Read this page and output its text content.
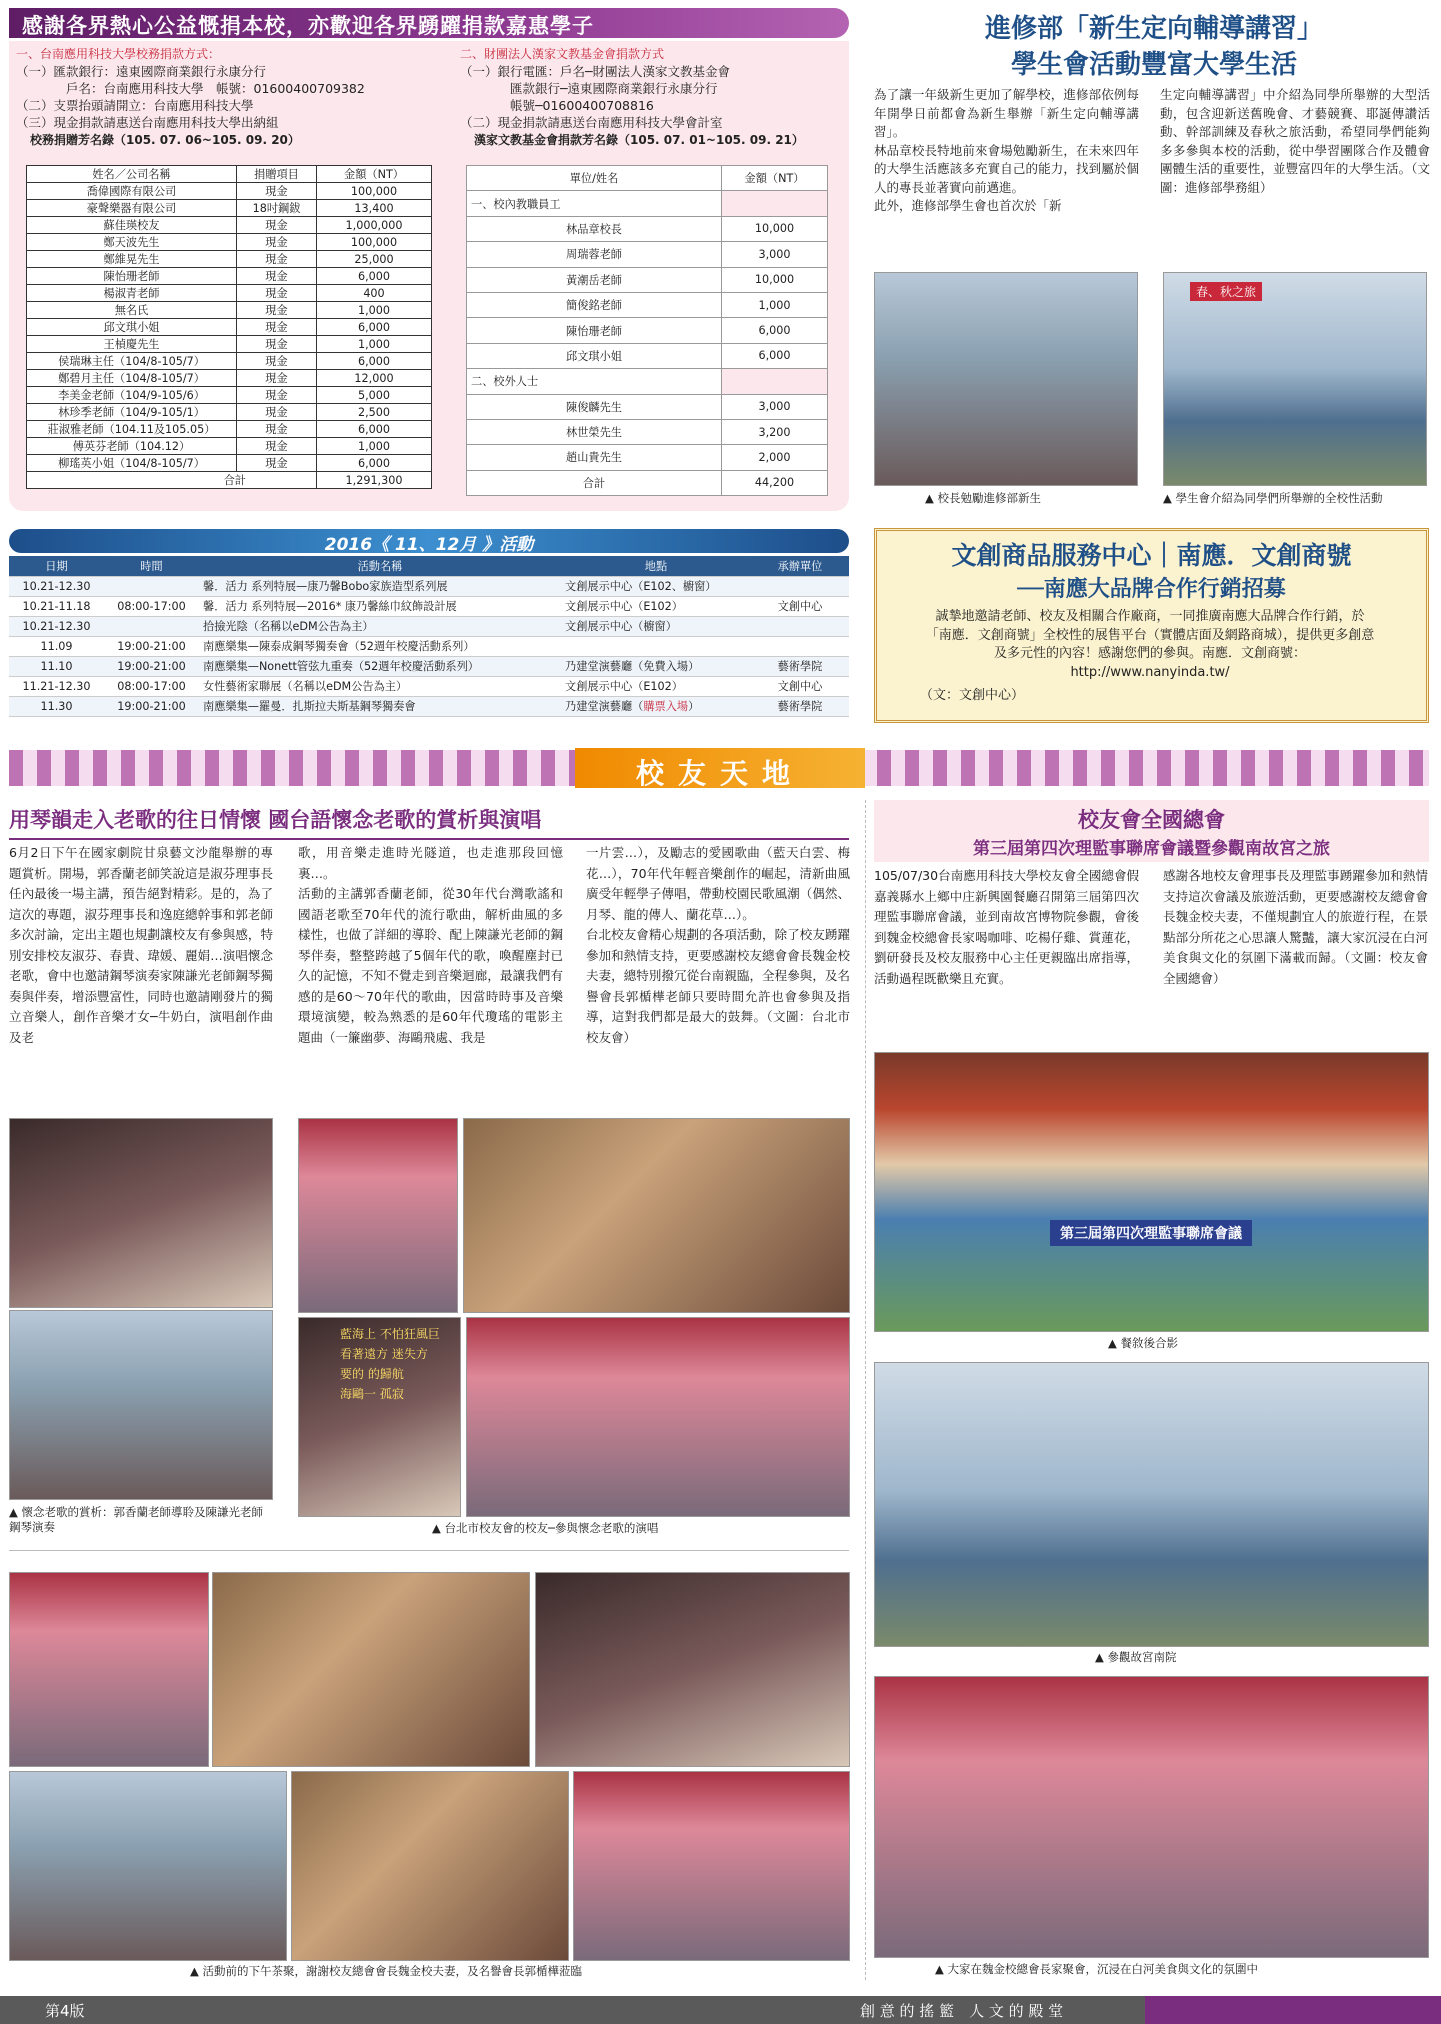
感謝各界熱心公益慨捐本校，亦歡迎各界踴躍捐款嘉惠學子
一、台南應用科技大學校務捐款方式：
（一）匯款銀行：遠東國際商業銀行永康分行
戶名：台南應用科技大學　帳號：01600400709382
（二）支票抬頭請開立：台南應用科技大學
（三）現金捐款請惠送台南應用科技大學出納組
校務捐贈芳名錄（105. 07. 06~105. 09. 20）
姓名／公司名稱	捐贈項目	金額（NT）
喬偉國際有限公司	現金	100,000
豪聲樂器有限公司	18吋鋼鈸	13,400
蘇佳瑛校友	現金	1,000,000
鄭天波先生	現金	100,000
鄭維晃先生	現金	25,000
陳怡珊老師	現金	6,000
楊淑青老師	現金	400
無名氏	現金	1,000
邱文琪小姐	現金	6,000
王楨慶先生	現金	1,000
侯瑞琳主任（104/8-105/7）	現金	6,000
鄭碧月主任（104/8-105/7）	現金	12,000
李美金老師（104/9-105/6）	現金	5,000
林珍季老師（104/9-105/1）	現金	2,500
莊淑雅老師（104.11及105.05）	現金	6,000
傅英芬老師（104.12）	現金	1,000
柳瑤英小姐（104/8-105/7）	現金	6,000
合計		1,291,300
二、財團法人漢家文教基金會捐款方式
（一）銀行電匯：戶名─財團法人漢家文教基金會
匯款銀行─遠東國際商業銀行永康分行
帳號─01600400708816
（二）現金捐款請惠送台南應用科技大學會計室
漢家文教基金會捐款芳名錄（105. 07. 01~105. 09. 21）
單位/姓名	金額（NT）
一、校內教職員工	
林品章校長	10,000
周瑞蓉老師	3,000
黃潮岳老師	10,000
簡俊銘老師	1,000
陳怡珊老師	6,000
邱文琪小姐	6,000
二、校外人士	
陳俊麟先生	3,000
林世榮先生	3,200
趙山貴先生	2,000
合計	44,200
2016《 11、12月 》活動
日期	時間	活動名稱	地點	承辦單位
10.21-12.30		馨．活力 系列特展—康乃馨Bobo家族造型系列展	文創展示中心（E102、櫥窗）	
10.21-11.18	08:00-17:00	馨．活力 系列特展—2016* 康乃馨絲巾紋飾設計展	文創展示中心（E102）	文創中心
10.21-12.30		拾撿光陰（名稱以eDM公告為主）	文創展示中心（櫥窗）	
11.09	19:00-21:00	南應樂集—陳泰成鋼琴獨奏會（52週年校慶活動系列）		
11.10	19:00-21:00	南應樂集—Nonett管弦九重奏（52週年校慶活動系列）	乃建堂演藝廳（免費入場）	藝術學院
11.21-12.30	08:00-17:00	女性藝術家聯展（名稱以eDM公告為主）	文創展示中心（E102）	文創中心
11.30	19:00-21:00	南應樂集—羅曼．扎斯拉夫斯基鋼琴獨奏會	乃建堂演藝廳（購票入場）	藝術學院
進修部「新生定向輔導講習」
學生會活動豐富大學生活
為了讓一年級新生更加了解學校，進修部依例每年開學日前都會為新生舉辦「新生定向輔導講習」。
林品章校長特地前來會場勉勵新生，在未來四年的大學生活應該多充實自己的能力，找到屬於個人的專長並著實向前邁進。
此外，進修部學生會也首次於「新
生定向輔導講習」中介紹為同學所舉辦的大型活動，包含迎新送舊晚會、才藝競賽、耶誕傳讚活動、幹部訓練及春秋之旅活動，希望同學們能夠多多參與本校的活動，從中學習團隊合作及體會團體生活的重要性，並豐富四年的大學生活。（文圖：進修部學務組）
春、秋之旅
▲ 校長勉勵進修部新生	▲ 學生會介紹為同學們所舉辦的全校性活動
文創商品服務中心｜南應．文創商號
──南應大品牌合作行銷招募
誠摯地邀請老師、校友及相關合作廠商，一同推廣南應大品牌合作行銷，於「南應．文創商號」全校性的展售平台（實體店面及網路商城），提供更多創意及多元性的內容！感謝您們的參與。南應．文創商號：http://www.nanyinda.tw/
（文：文創中心）
校友天地
用琴韻走入老歌的往日情懷 國台語懷念老歌的賞析與演唱
6月2日下午在國家劇院甘泉藝文沙龍舉辦的專題賞析。開場，郭香蘭老師笑說這是淑芬理事長任內最後一場主講，預告絕對精彩。是的，為了這次的專題，淑芬理事長和逸庭總幹事和郭老師多次討論，定出主題也規劃讓校友有參與感，特別安排校友淑芬、春貴、瑋媛、麗娟…演唱懷念老歌，會中也邀請鋼琴演奏家陳謙光老師鋼琴獨奏與伴奏，增添豐富性，同時也邀請剛發片的獨立音樂人，創作音樂才女─牛奶白，演唱創作曲及老
歌，用音樂走進時光隧道，也走進那段回憶裏…。
活動的主講郭香蘭老師，從30年代台灣歌謠和國語老歌至70年代的流行歌曲，解析曲風的多樣性，也做了詳細的導聆、配上陳謙光老師的鋼琴伴奏，整整跨越了5個年代的歌，喚醒塵封已久的記憶，不知不覺走到音樂迴廊，最讓我們有感的是60～70年代的歌曲，因當時時事及音樂環境演變，較為熟悉的是60年代瓊瑤的電影主題曲（一簾幽夢、海鷗飛處、我是
一片雲…），及勵志的愛國歌曲（藍天白雲、梅花…），70年代年輕音樂創作的崛起，清新曲風廣受年輕學子傳唱，帶動校園民歌風潮（偶然、月琴、龍的傳人、蘭花草…）。
台北校友會精心規劃的各項活動，除了校友踴躍參加和熱情支持，更要感謝校友總會會長魏金校夫妻，總特別撥冗從台南親臨，全程參與，及名譽會長郭楯樺老師只要時間允許也會參與及指導，這對我們都是最大的鼓舞。（文圖：台北市校友會）
藍海上 不怕狂風巨
看著遠方 迷失方
要的 的歸航
海鷗一 孤寂
▲ 懷念老歌的賞析：郭香蘭老師導聆及陳謙光老師鋼琴演奏	▲ 台北市校友會的校友─參與懷念老歌的演唱
▲ 活動前的下午茶聚，謝謝校友總會會長魏金校夫妻，及名譽會長郭楯樺蒞臨
校友會全國總會
第三屆第四次理監事聯席會議暨參觀南故宮之旅
105/07/30台南應用科技大學校友會全國總會假嘉義縣水上鄉中庄新興園餐廳召開第三屆第四次理監事聯席會議，並到南故宮博物院參觀，會後到魏金校總會長家喝咖啡、吃楊仔雞、賞蓮花，劉研發長及校友服務中心主任更親臨出席指導，活動過程既歡樂且充實。
感謝各地校友會理事長及理監事踴躍參加和熱情支持這次會議及旅遊活動，更要感謝校友總會會長魏金校夫妻，不僅規劃宜人的旅遊行程，在景點部分所花之心思讓人驚豔，讓大家沉浸在白河美食與文化的氛圍下滿載而歸。（文圖：校友會全國總會）
第三屆第四次理監事聯席會議
▲ 餐敘後合影
▲ 參觀故宮南院
▲ 大家在魏金校總會長家聚會，沉浸在白河美食與文化的氛圍中
第4版	創 意 的 搖 籃　人 文 的 殿 堂
